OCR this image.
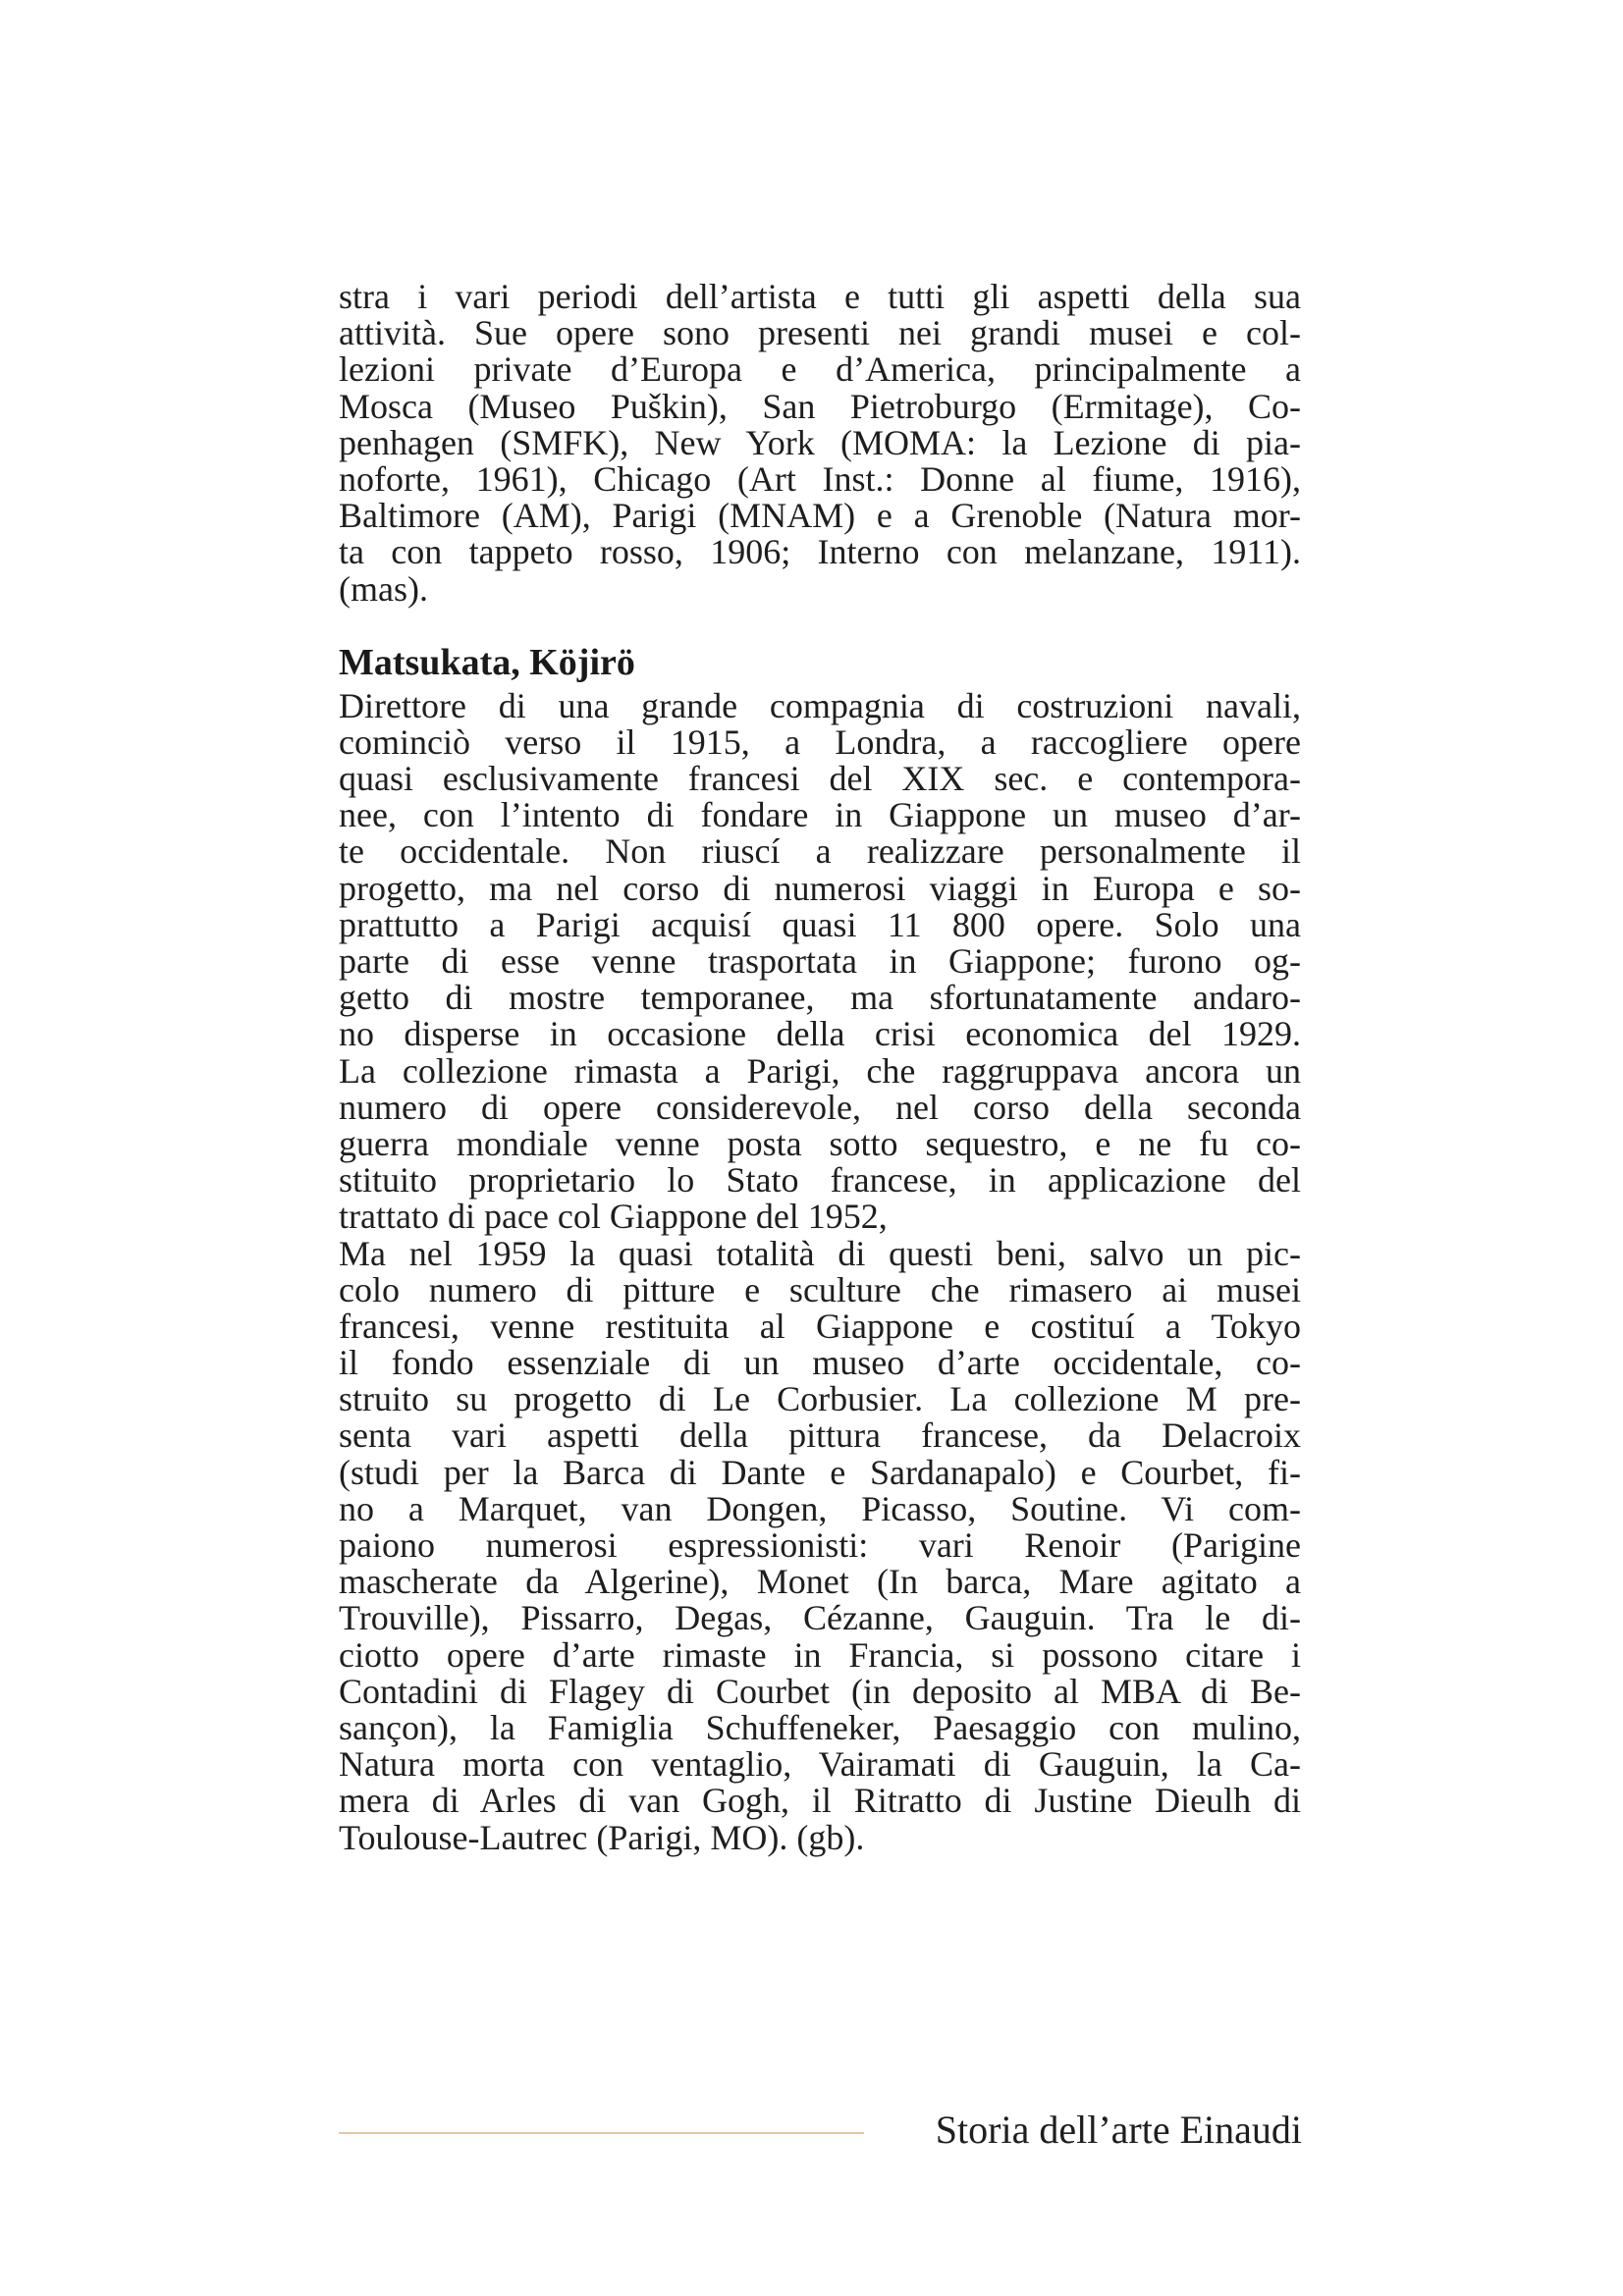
stra i vari periodi dell’artista e tutti gli aspetti della sua
attività. Sue opere sono presenti nei grandi musei e col-
lezioni private d’Europa e d’America, principalmente a
Mosca (Museo Puškin), San Pietroburgo (Ermitage), Co-
penhagen (SMFK), New York (MOMA: la Lezione di pia-
noforte, 1961), Chicago (Art Inst.: Donne al fiume, 1916),
Baltimore (AM), Parigi (MNAM) e a Grenoble (Natura mor-
ta con tappeto rosso, 1906; Interno con melanzane, 1911).
(mas).
Matsukata, Köjirö
Direttore di una grande compagnia di costruzioni navali,
cominciò verso il 1915, a Londra, a raccogliere opere
quasi esclusivamente francesi del XIX sec. e contempora-
nee, con l’intento di fondare in Giappone un museo d’ar-
te occidentale. Non riuscí a realizzare personalmente il
progetto, ma nel corso di numerosi viaggi in Europa e so-
prattutto a Parigi acquisí quasi 11 800 opere. Solo una
parte di esse venne trasportata in Giappone; furono og-
getto di mostre temporanee, ma sfortunatamente andaro-
no disperse in occasione della crisi economica del 1929.
La collezione rimasta a Parigi, che raggruppava ancora un
numero di opere considerevole, nel corso della seconda
guerra mondiale venne posta sotto sequestro, e ne fu co-
stituito proprietario lo Stato francese, in applicazione del
trattato di pace col Giappone del 1952,
Ma nel 1959 la quasi totalità di questi beni, salvo un pic-
colo numero di pitture e sculture che rimasero ai musei
francesi, venne restituita al Giappone e costituí a Tokyo
il fondo essenziale di un museo d’arte occidentale, co-
struito su progetto di Le Corbusier. La collezione M pre-
senta vari aspetti della pittura francese, da Delacroix
(studi per la Barca di Dante e Sardanapalo) e Courbet, fi-
no a Marquet, van Dongen, Picasso, Soutine. Vi com-
paiono numerosi espressionisti: vari Renoir (Parigine
mascherate da Algerine), Monet (In barca, Mare agitato a
Trouville), Pissarro, Degas, Cézanne, Gauguin. Tra le di-
ciotto opere d’arte rimaste in Francia, si possono citare i
Contadini di Flagey di Courbet (in deposito al MBA di Be-
sançon), la Famiglia Schuffeneker, Paesaggio con mulino,
Natura morta con ventaglio, Vairamati di Gauguin, la Ca-
mera di Arles di van Gogh, il Ritratto di Justine Dieulh di
Toulouse-Lautrec (Parigi, MO). (gb).
Storia dell’arte Einaudi
